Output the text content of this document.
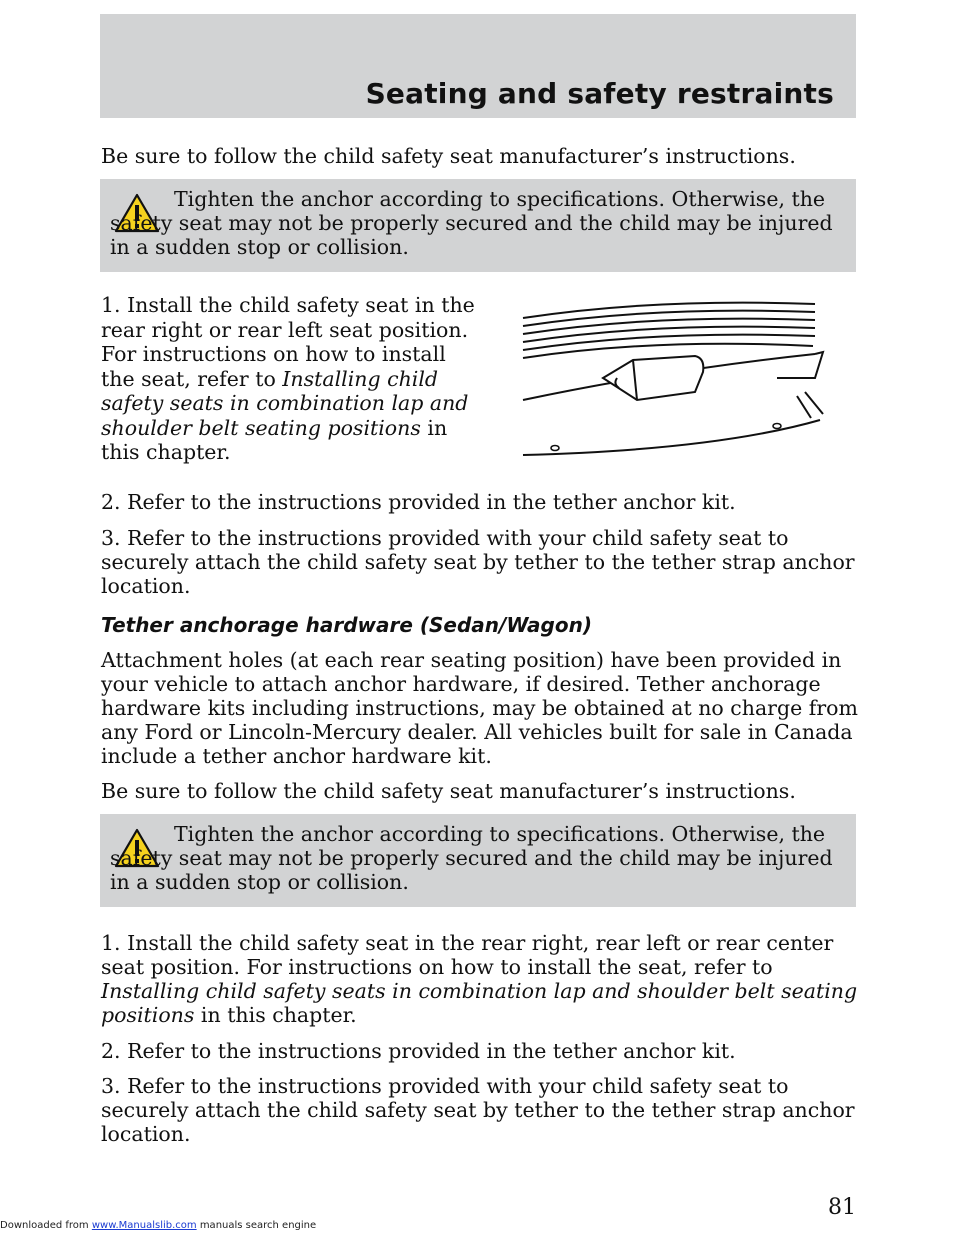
Seating and safety restraints

Be sure to follow the child safety seat manufacturer’s instructions.

Tighten the anchor according to specifications. Otherwise, the safety seat may not be properly secured and the child may be injured in a sudden stop or collision.
1. Install the child safety seat in the rear right or rear left seat position. For instructions on how to install the seat, refer to Installing child safety seats in combination lap and shoulder belt seating positions in this chapter.

2. Refer to the instructions provided in the tether anchor kit.

3. Refer to the instructions provided with your child safety seat to securely attach the child safety seat by tether to the tether strap anchor location.

Tether anchorage hardware (Sedan/Wagon)

Attachment holes (at each rear seating position) have been provided in your vehicle to attach anchor hardware, if desired. Tether anchorage hardware kits including instructions, may be obtained at no charge from any Ford or Lincoln-Mercury dealer. All vehicles built for sale in Canada include a tether anchor hardware kit.

Be sure to follow the child safety seat manufacturer’s instructions.

Tighten the anchor according to specifications. Otherwise, the safety seat may not be properly secured and the child may be injured in a sudden stop or collision.
1. Install the child safety seat in the rear right, rear left or rear center seat position. For instructions on how to install the seat, refer to Installing child safety seats in combination lap and shoulder belt seating positions in this chapter.

2. Refer to the instructions provided in the tether anchor kit.

3. Refer to the instructions provided with your child safety seat to securely attach the child safety seat by tether to the tether strap anchor location.

81
Downloaded from www.Manualslib.com manuals search engine
